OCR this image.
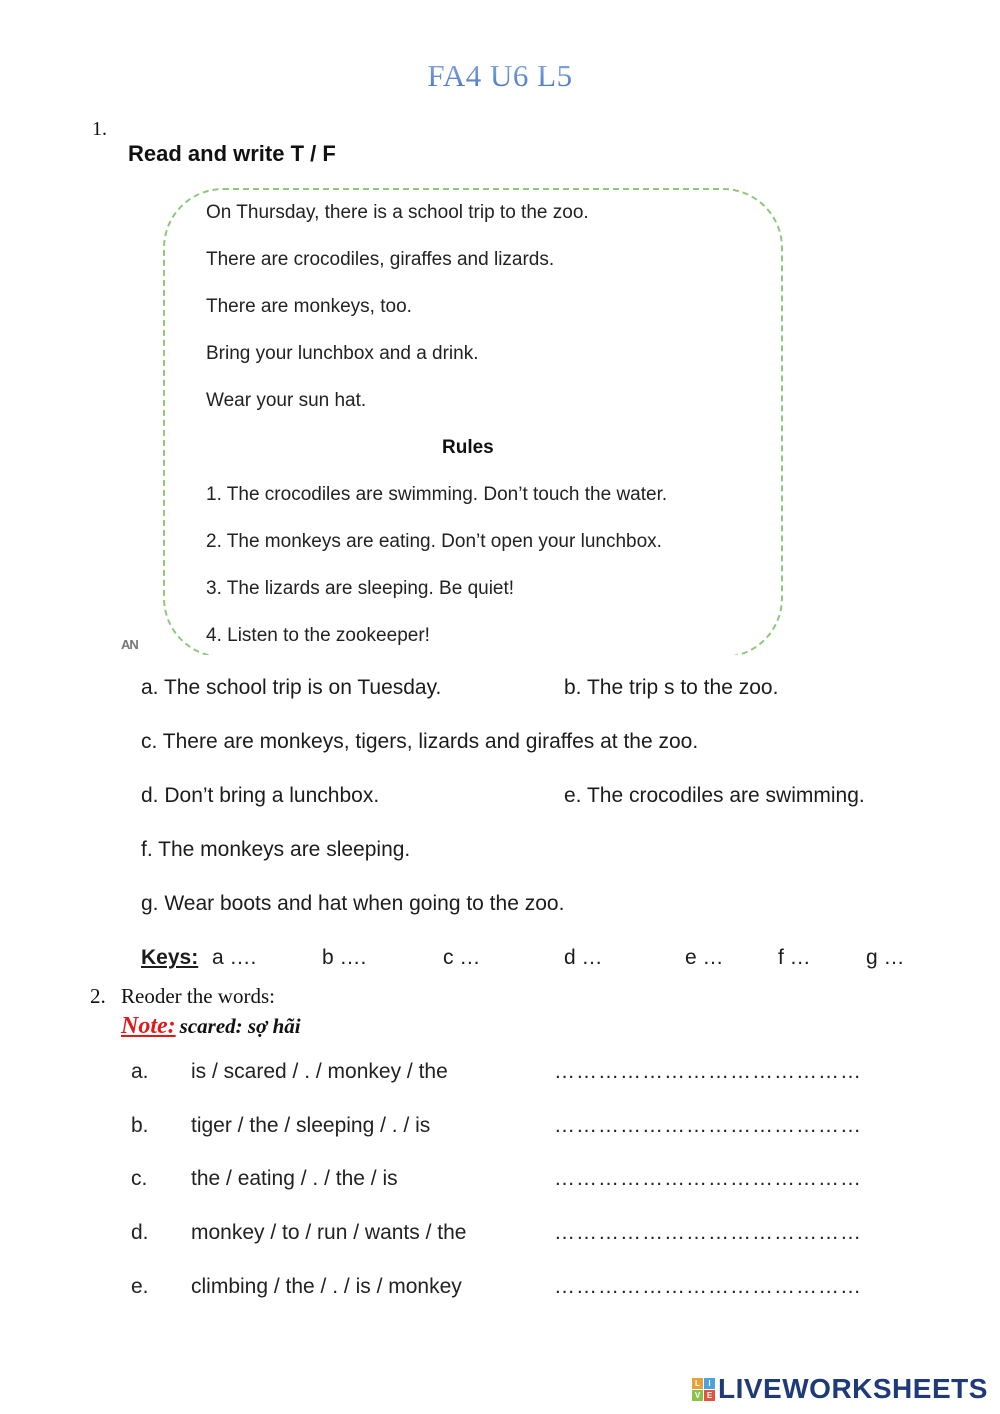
FA4 U6 L5
1.
Read and write T / F
On Thursday, there is a school trip to the zoo.
There are crocodiles, giraffes and lizards.
There are monkeys, too.
Bring your lunchbox and a drink.
Wear your sun hat.
Rules
1. The crocodiles are swimming. Don’t touch the water.
2. The monkeys are eating. Don’t open your lunchbox.
3. The lizards are sleeping. Be quiet!
4. Listen to the zookeeper!
AN
a. The school trip is on Tuesday.	b. The trip s to the zoo.
c. There are monkeys, tigers, lizards and giraffes at the zoo.
d. Don’t bring a lunchbox.	e. The crocodiles are swimming.
f. The monkeys are sleeping.
g. Wear boots and hat when going to the zoo.
Keys: a ….	b ….	c …	d …	e …	f …	g …
2. Reoder the words:
Note: scared: sợ hãi
a. is / scared / . / monkey / the	……………………………………
b. tiger / the / sleeping / . / is	……………………………………
c. the / eating / . / the / is	……………………………………
d. monkey / to / run / wants / the	……………………………………
e. climbing / the / . / is / monkey	……………………………………
L	I
V E LIVEWORKSHEETS
